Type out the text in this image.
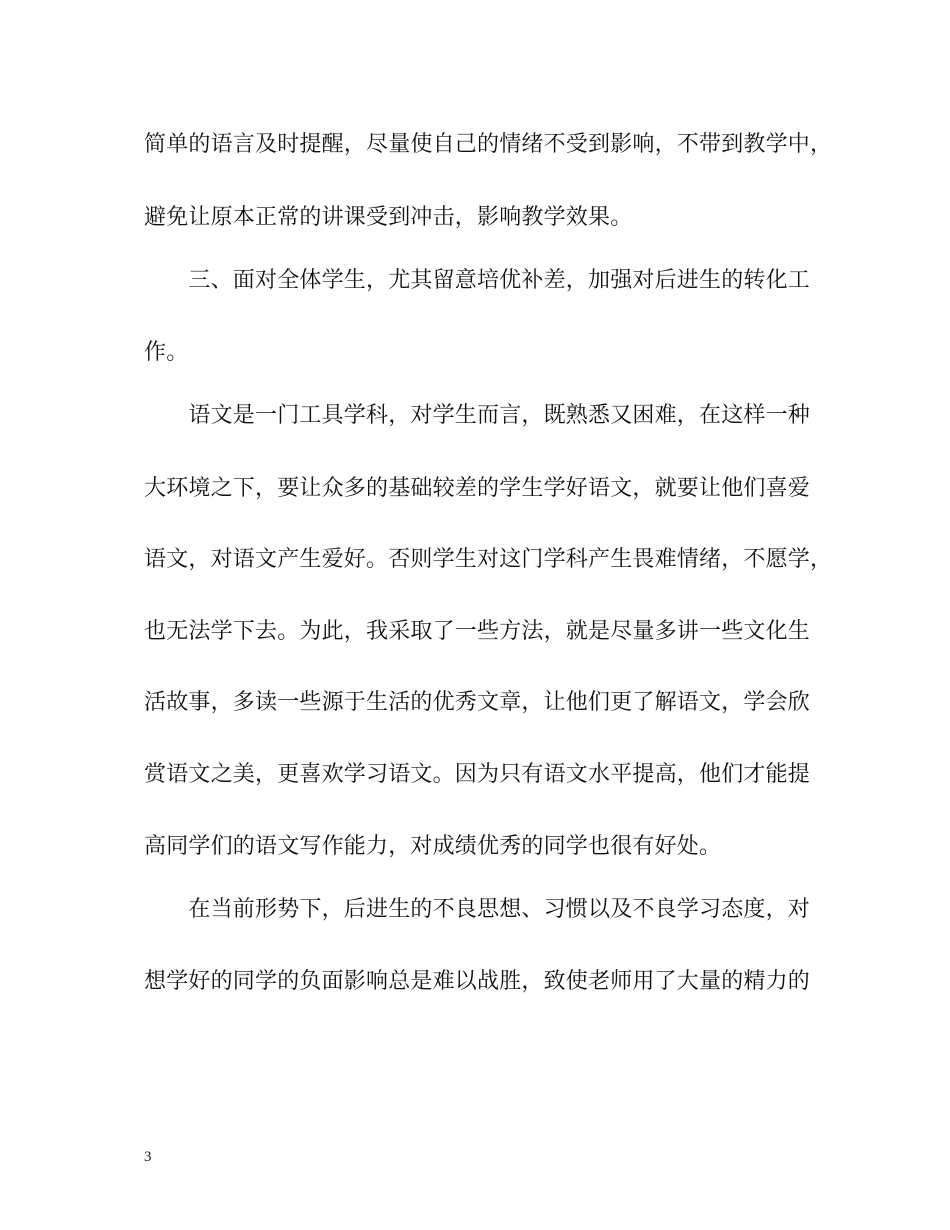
简单的语言及时提醒，尽量使自己的情绪不受到影响，不带到教学中，
避免让原本正常的讲课受到冲击，影响教学效果。
　　三、面对全体学生，尤其留意培优补差，加强对后进生的转化工
作。
　　语文是一门工具学科，对学生而言，既熟悉又困难，在这样一种
大环境之下，要让众多的基础较差的学生学好语文，就要让他们喜爱
语文，对语文产生爱好。否则学生对这门学科产生畏难情绪，不愿学，
也无法学下去。为此，我采取了一些方法，就是尽量多讲一些文化生
活故事，多读一些源于生活的优秀文章，让他们更了解语文，学会欣
赏语文之美，更喜欢学习语文。因为只有语文水平提高，他们才能提
高同学们的语文写作能力，对成绩优秀的同学也很有好处。
　　在当前形势下，后进生的不良思想、习惯以及不良学习态度，对
想学好的同学的负面影响总是难以战胜，致使老师用了大量的精力的
3
